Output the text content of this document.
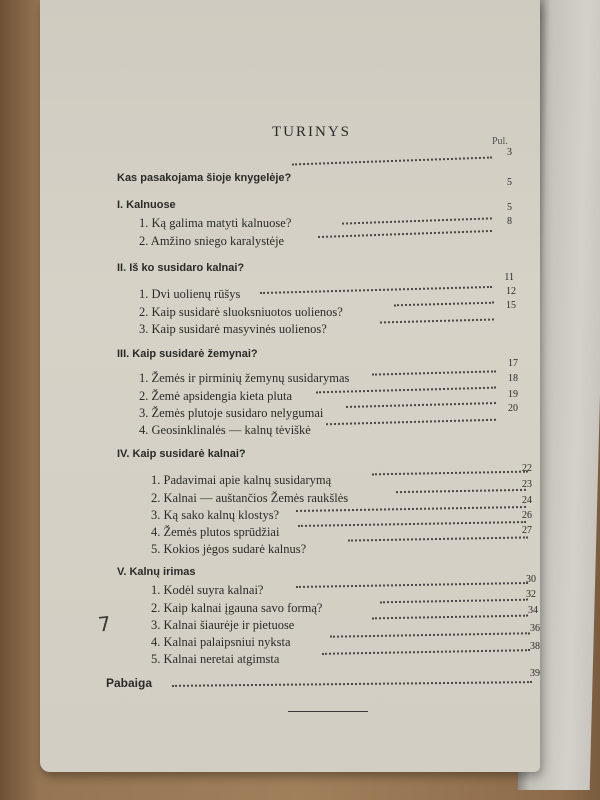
TURINYS
Pul.
Kas pasakojama šioje knygelėje?
3
I. Kalnuose
5
1. Ką galima matyti kalnuose?
5
2. Amžino sniego karalystėje
8
II. Iš ko susidaro kalnai?
1. Dvi uolienų rūšys
11
2. Kaip susidarė sluoksniuotos uolienos?
12
3. Kaip susidarė masyvinės uolienos?
15
III. Kaip susidarė žemynai?
1. Žemės ir pirminių žemynų susidarymas
17
2. Žemė apsidengia kieta pluta
18
3. Žemės plutoje susidaro nelygumai
19
4. Geosinklinalės — kalnų tėviškė
20
IV. Kaip susidarė kalnai?
1. Padavimai apie kalnų susidarymą
22
2. Kalnai — auštančios Žemės raukšlės
23
3. Ką sako kalnų klostys?
24
4. Žemės plutos sprūdžiai
26
5. Kokios jėgos sudarė kalnus?
27
V. Kalnų irimas
1. Kodėl suyra kalnai?
30
2. Kaip kalnai įgauna savo formą?
32
3. Kalnai šiaurėje ir pietuose
34
4. Kalnai palaipsniui nyksta
36
5. Kalnai neretai atgimsta
38
Pabaiga
39
7
